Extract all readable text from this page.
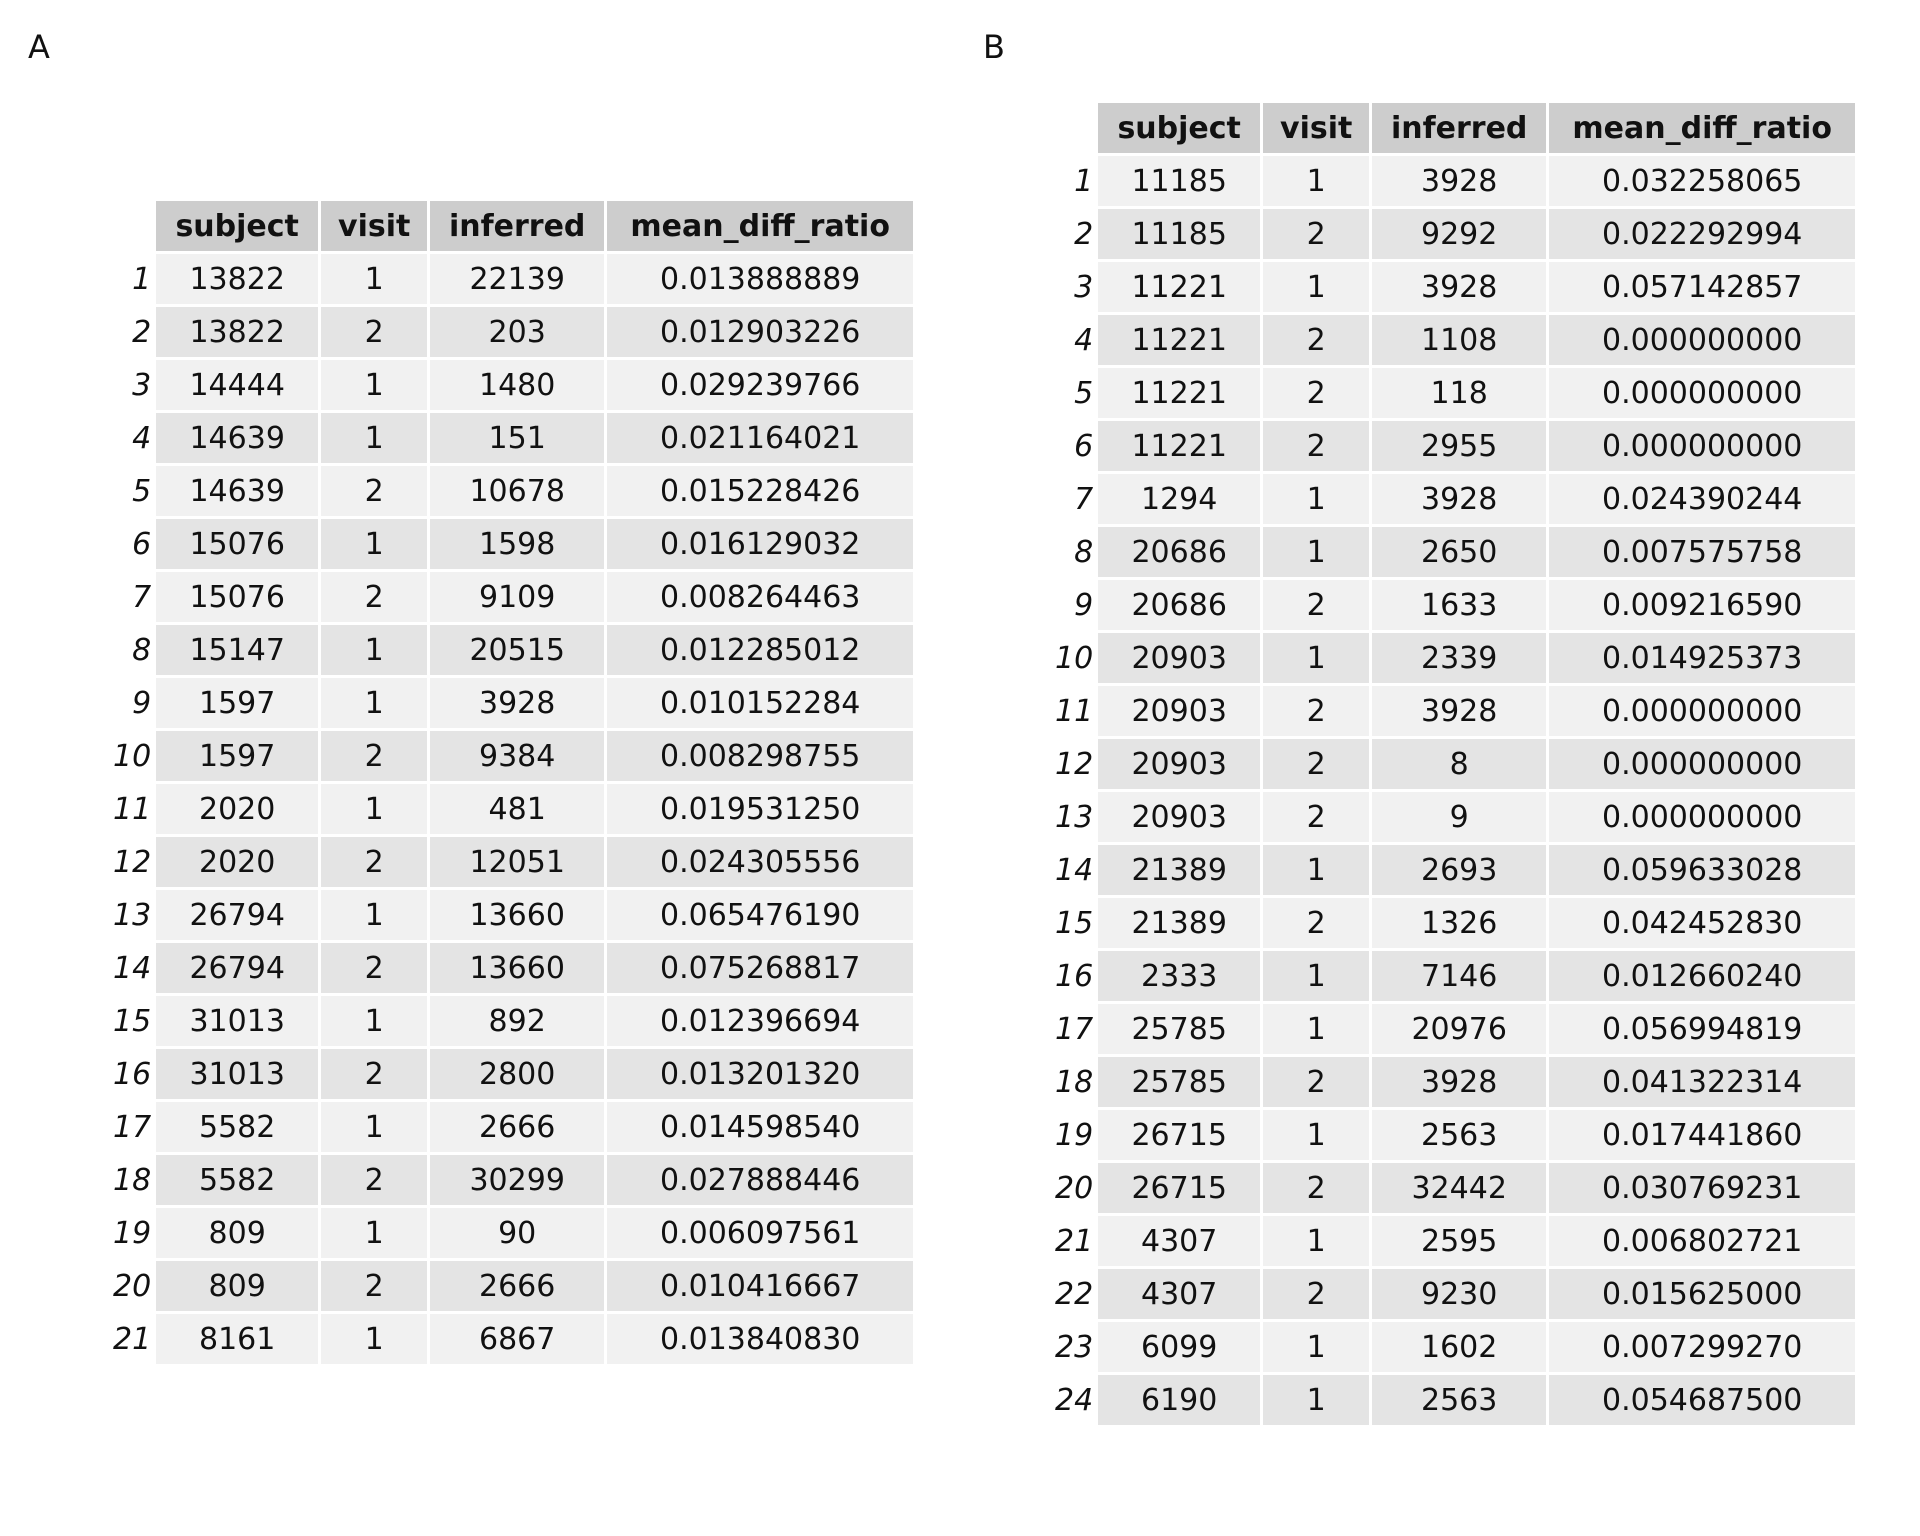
A	B
	subject	visit	inferred	mean_diff_ratio
1	13822	1	22139	0.013888889
2	13822	2	203	0.012903226
3	14444	1	1480	0.029239766
4	14639	1	151	0.021164021
5	14639	2	10678	0.015228426
6	15076	1	1598	0.016129032
7	15076	2	9109	0.008264463
8	15147	1	20515	0.012285012
9	1597	1	3928	0.010152284
10	1597	2	9384	0.008298755
11	2020	1	481	0.019531250
12	2020	2	12051	0.024305556
13	26794	1	13660	0.065476190
14	26794	2	13660	0.075268817
15	31013	1	892	0.012396694
16	31013	2	2800	0.013201320
17	5582	1	2666	0.014598540
18	5582	2	30299	0.027888446
19	809	1	90	0.006097561
20	809	2	2666	0.010416667
21	8161	1	6867	0.013840830
	subject	visit	inferred	mean_diff_ratio
1	11185	1	3928	0.032258065
2	11185	2	9292	0.022292994
3	11221	1	3928	0.057142857
4	11221	2	1108	0.000000000
5	11221	2	118	0.000000000
6	11221	2	2955	0.000000000
7	1294	1	3928	0.024390244
8	20686	1	2650	0.007575758
9	20686	2	1633	0.009216590
10	20903	1	2339	0.014925373
11	20903	2	3928	0.000000000
12	20903	2	8	0.000000000
13	20903	2	9	0.000000000
14	21389	1	2693	0.059633028
15	21389	2	1326	0.042452830
16	2333	1	7146	0.012660240
17	25785	1	20976	0.056994819
18	25785	2	3928	0.041322314
19	26715	1	2563	0.017441860
20	26715	2	32442	0.030769231
21	4307	1	2595	0.006802721
22	4307	2	9230	0.015625000
23	6099	1	1602	0.007299270
24	6190	1	2563	0.054687500
